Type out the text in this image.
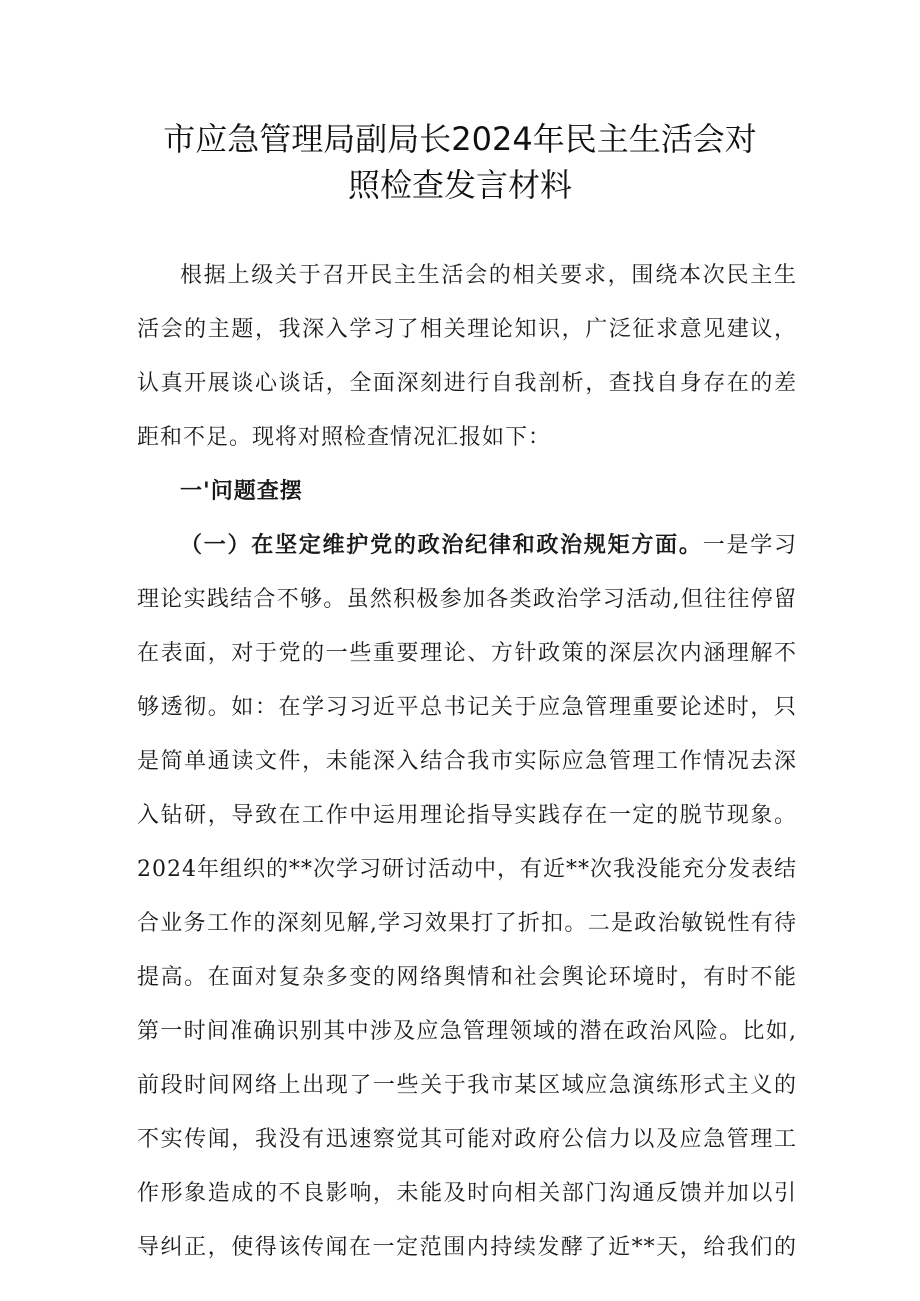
市应急管理局副局长2024年民主生活会对
照检查发言材料
根据上级关于召开民主生活会的相关要求，围绕本次民主生
活会的主题，我深入学习了相关理论知识，广泛征求意见建议，
认真开展谈心谈话，全面深刻进行自我剖析，查找自身存在的差
距和不足。现将对照检查情况汇报如下：
一'问题查摆
（一）在坚定维护党的政治纪律和政治规矩方面。一是学习
理论实践结合不够。虽然积极参加各类政治学习活动,但往往停留
在表面，对于党的一些重要理论、方针政策的深层次内涵理解不
够透彻。如：在学习习近平总书记关于应急管理重要论述时，只
是简单通读文件，未能深入结合我市实际应急管理工作情况去深
入钻研，导致在工作中运用理论指导实践存在一定的脱节现象。
2024年组织的**次学习研讨活动中，有近**次我没能充分发表结
合业务工作的深刻见解,学习效果打了折扣。二是政治敏锐性有待
提高。在面对复杂多变的网络舆情和社会舆论环境时，有时不能
第一时间准确识别其中涉及应急管理领域的潜在政治风险。比如,
前段时间网络上出现了一些关于我市某区域应急演练形式主义的
不实传闻，我没有迅速察觉其可能对政府公信力以及应急管理工
作形象造成的不良影响，未能及时向相关部门沟通反馈并加以引
导纠正，使得该传闻在一定范围内持续发酵了近**天，给我们的
